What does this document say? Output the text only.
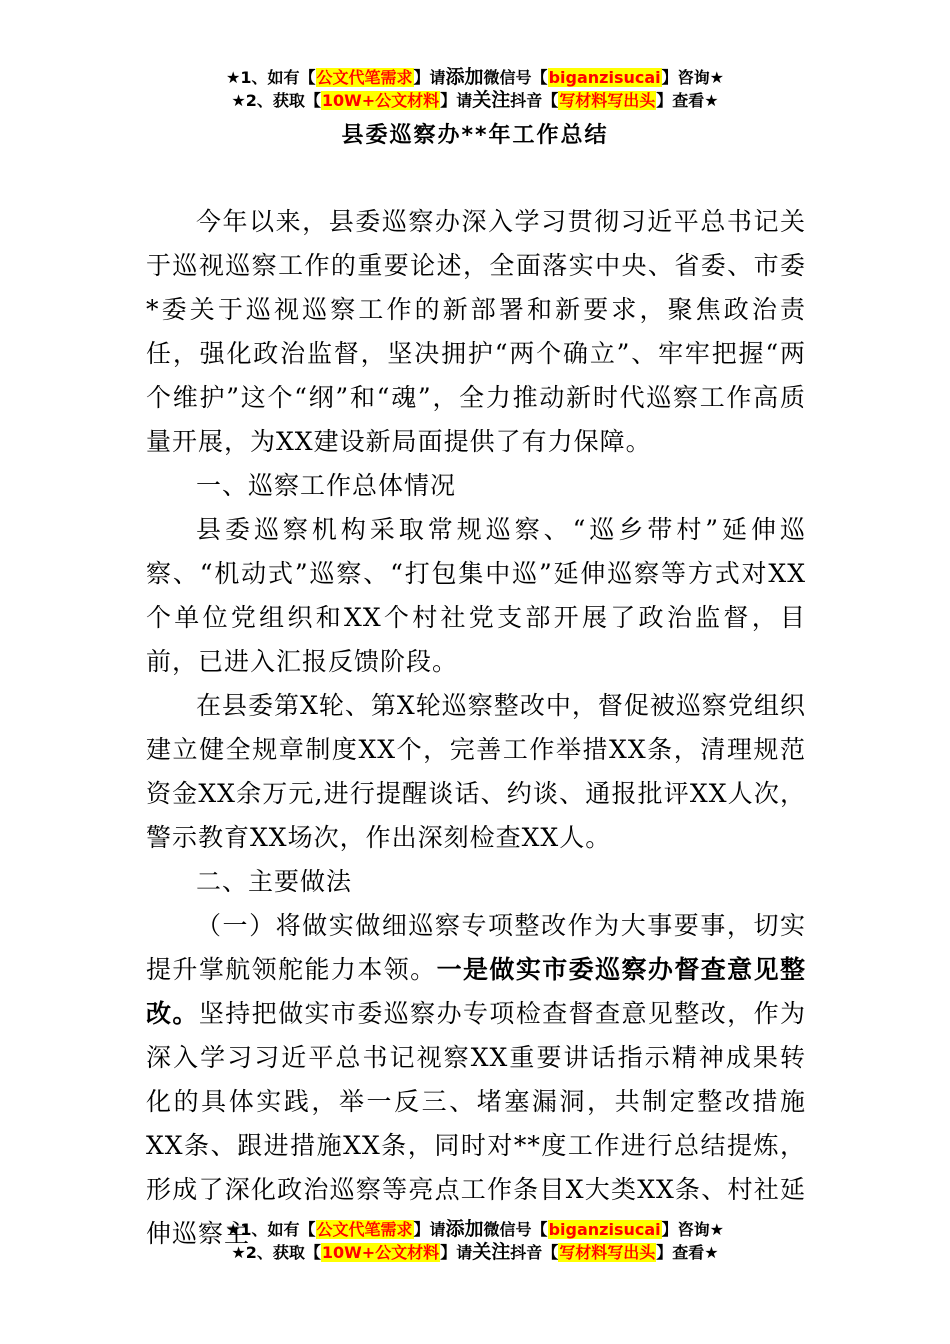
★1、如有【公文代笔需求】请添加微信号【biganzisucai】咨询★
★2、获取【10W+公文材料】请关注抖音【写材料写出头】查看★
县委巡察办**年工作总结

今年以来，县委巡察办深入学习贯彻习近平总书记关于巡视巡察工作的重要论述，全面落实中央、省委、市委*委关于巡视巡察工作的新部署和新要求，聚焦政治责任，强化政治监督，坚决拥护“两个确立”、牢牢把握“两个维护”这个“纲”和“魂”，全力推动新时代巡察工作高质量开展，为XX建设新局面提供了有力保障。

一、巡察工作总体情况

县委巡察机构采取常规巡察、“巡乡带村”延伸巡察、“机动式”巡察、“打包集中巡”延伸巡察等方式对XX个单位党组织和XX个村社党支部开展了政治监督，目前，已进入汇报反馈阶段。

在县委第X轮、第X轮巡察整改中，督促被巡察党组织建立健全规章制度XX个，完善工作举措XX条，清理规范资金XX余万元,进行提醒谈话、约谈、通报批评XX人次，警示教育XX场次，作出深刻检查XX人。

二、主要做法

（一）将做实做细巡察专项整改作为大事要事，切实提升掌航领舵能力本领。一是做实市委巡察办督查意见整改。坚持把做实市委巡察办专项检查督查意见整改，作为深入学习习近平总书记视察XX重要讲话指示精神成果转化的具体实践，举一反三、堵塞漏洞，共制定整改措施XX条、跟进措施XX条，同时对**度工作进行总结提炼，形成了深化政治巡察等亮点工作条目X大类XX条、村社延伸巡察主

★1、如有【公文代笔需求】请添加微信号【biganzisucai】咨询★
★2、获取【10W+公文材料】请关注抖音【写材料写出头】查看★
